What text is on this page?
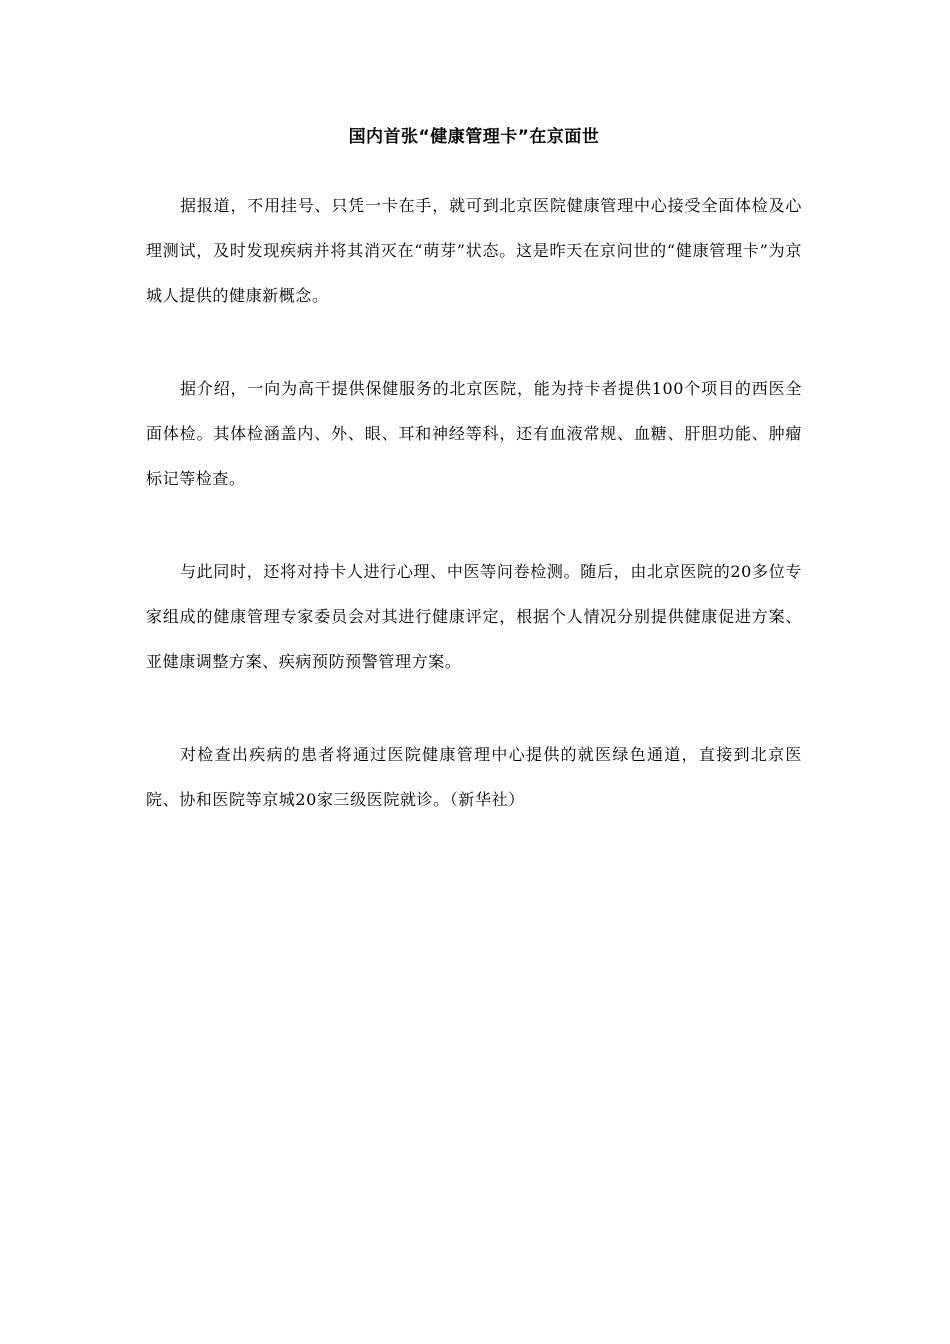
国内首张“健康管理卡”在京面世

据报道，不用挂号、只凭一卡在手，就可到北京医院健康管理中心接受全面体检及心理测试，及时发现疾病并将其消灭在“萌芽”状态。这是昨天在京问世的“健康管理卡”为京城人提供的健康新概念。

据介绍，一向为高干提供保健服务的北京医院，能为持卡者提供100个项目的西医全面体检。其体检涵盖内、外、眼、耳和神经等科，还有血液常规、血糖、肝胆功能、肿瘤标记等检查。

与此同时，还将对持卡人进行心理、中医等问卷检测。随后，由北京医院的20多位专家组成的健康管理专家委员会对其进行健康评定，根据个人情况分别提供健康促进方案、亚健康调整方案、疾病预防预警管理方案。

对检查出疾病的患者将通过医院健康管理中心提供的就医绿色通道，直接到北京医院、协和医院等京城20家三级医院就诊。（新华社）
